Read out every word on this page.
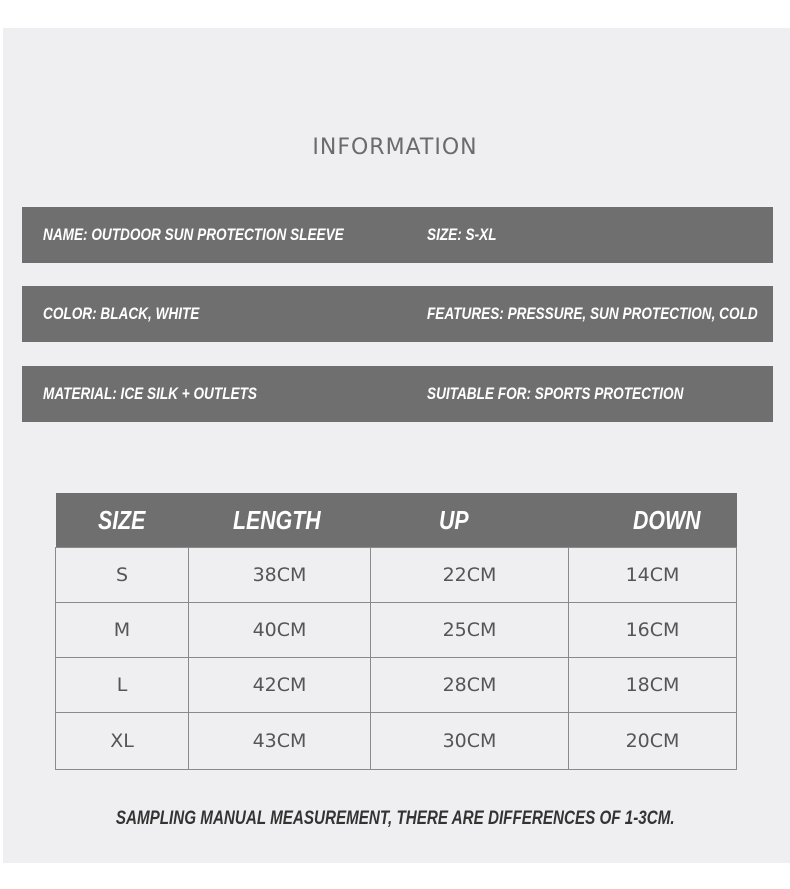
INFORMATION
NAME: OUTDOOR SUN PROTECTION SLEEVE	SIZE: S-XL
COLOR: BLACK, WHITE	FEATURES: PRESSURE, SUN PROTECTION, COLD
MATERIAL: ICE SILK + OUTLETS	SUITABLE FOR: SPORTS PROTECTION
SIZE	LENGTH	UP	DOWN
S	38CM	22CM	14CM
M	40CM	25CM	16CM
L	42CM	28CM	18CM
XL	43CM	30CM	20CM
SAMPLING MANUAL MEASUREMENT, THERE ARE DIFFERENCES OF 1-3CM.
